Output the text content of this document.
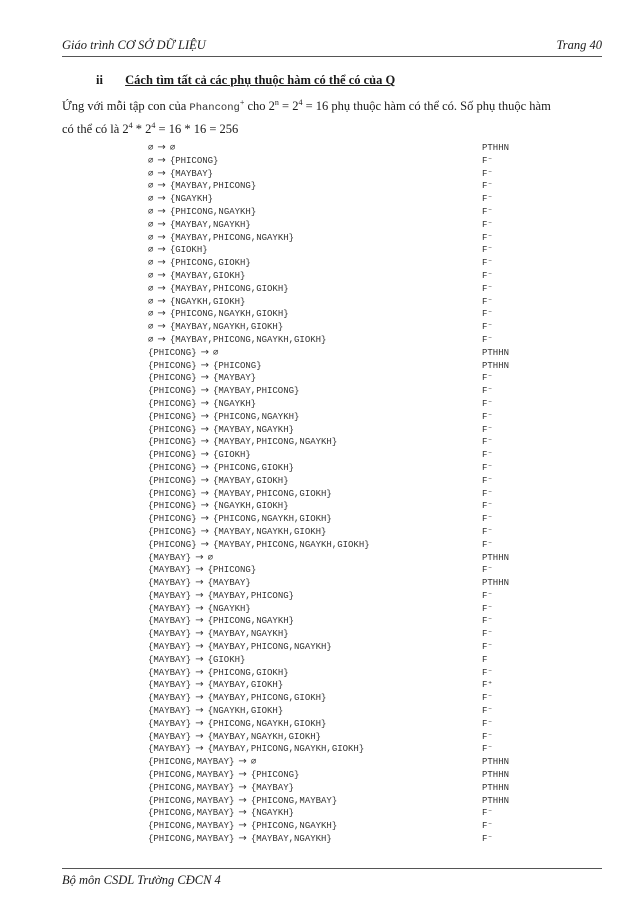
Giáo trình CƠ SỞ DỮ LIỆU	Trang 40
ii Cách tìm tất cả các phụ thuộc hàm có thể có của Q
Ứng với mỗi tập con của Phancong+ cho $2^n = 2^4 = 16$ phụ thuộc hàm có thể có. Số phụ thuộc hàm
có thể có là $2^4 * 2^4 = 16 * 16 = 256$
∅ → ∅	PTHHN
∅ → {PHICONG}	F⁻
∅ → {MAYBAY}	F⁻
∅ → {MAYBAY,PHICONG}	F⁻
∅ → {NGAYKH}	F⁻
∅ → {PHICONG,NGAYKH}	F⁻
∅ → {MAYBAY,NGAYKH}	F⁻
∅ → {MAYBAY,PHICONG,NGAYKH}	F⁻
∅ → {GIOKH}	F⁻
∅ → {PHICONG,GIOKH}	F⁻
∅ → {MAYBAY,GIOKH}	F⁻
∅ → {MAYBAY,PHICONG,GIOKH}	F⁻
∅ → {NGAYKH,GIOKH}	F⁻
∅ → {PHICONG,NGAYKH,GIOKH}	F⁻
∅ → {MAYBAY,NGAYKH,GIOKH}	F⁻
∅ → {MAYBAY,PHICONG,NGAYKH,GIOKH}	F⁻
{PHICONG} → ∅	PTHHN
{PHICONG} → {PHICONG}	PTHHN
{PHICONG} → {MAYBAY}	F⁻
{PHICONG} → {MAYBAY,PHICONG}	F⁻
{PHICONG} → {NGAYKH}	F⁻
{PHICONG} → {PHICONG,NGAYKH}	F⁻
{PHICONG} → {MAYBAY,NGAYKH}	F⁻
{PHICONG} → {MAYBAY,PHICONG,NGAYKH}	F⁻
{PHICONG} → {GIOKH}	F⁻
{PHICONG} → {PHICONG,GIOKH}	F⁻
{PHICONG} → {MAYBAY,GIOKH}	F⁻
{PHICONG} → {MAYBAY,PHICONG,GIOKH}	F⁻
{PHICONG} → {NGAYKH,GIOKH}	F⁻
{PHICONG} → {PHICONG,NGAYKH,GIOKH}	F⁻
{PHICONG} → {MAYBAY,NGAYKH,GIOKH}	F⁻
{PHICONG} → {MAYBAY,PHICONG,NGAYKH,GIOKH}	F⁻
{MAYBAY} → ∅	PTHHN
{MAYBAY} → {PHICONG}	F⁻
{MAYBAY} → {MAYBAY}	PTHHN
{MAYBAY} → {MAYBAY,PHICONG}	F⁻
{MAYBAY} → {NGAYKH}	F⁻
{MAYBAY} → {PHICONG,NGAYKH}	F⁻
{MAYBAY} → {MAYBAY,NGAYKH}	F⁻
{MAYBAY} → {MAYBAY,PHICONG,NGAYKH}	F⁻
{MAYBAY} → {GIOKH}	F
{MAYBAY} → {PHICONG,GIOKH}	F⁻
{MAYBAY} → {MAYBAY,GIOKH}	F⁺
{MAYBAY} → {MAYBAY,PHICONG,GIOKH}	F⁻
{MAYBAY} → {NGAYKH,GIOKH}	F⁻
{MAYBAY} → {PHICONG,NGAYKH,GIOKH}	F⁻
{MAYBAY} → {MAYBAY,NGAYKH,GIOKH}	F⁻
{MAYBAY} → {MAYBAY,PHICONG,NGAYKH,GIOKH}	F⁻
{PHICONG,MAYBAY} → ∅	PTHHN
{PHICONG,MAYBAY} → {PHICONG}	PTHHN
{PHICONG,MAYBAY} → {MAYBAY}	PTHHN
{PHICONG,MAYBAY} → {PHICONG,MAYBAY}	PTHHN
{PHICONG,MAYBAY} → {NGAYKH}	F⁻
{PHICONG,MAYBAY} → {PHICONG,NGAYKH}	F⁻
{PHICONG,MAYBAY} → {MAYBAY,NGAYKH}	F⁻
Bộ môn CSDL Trường CĐCN 4
